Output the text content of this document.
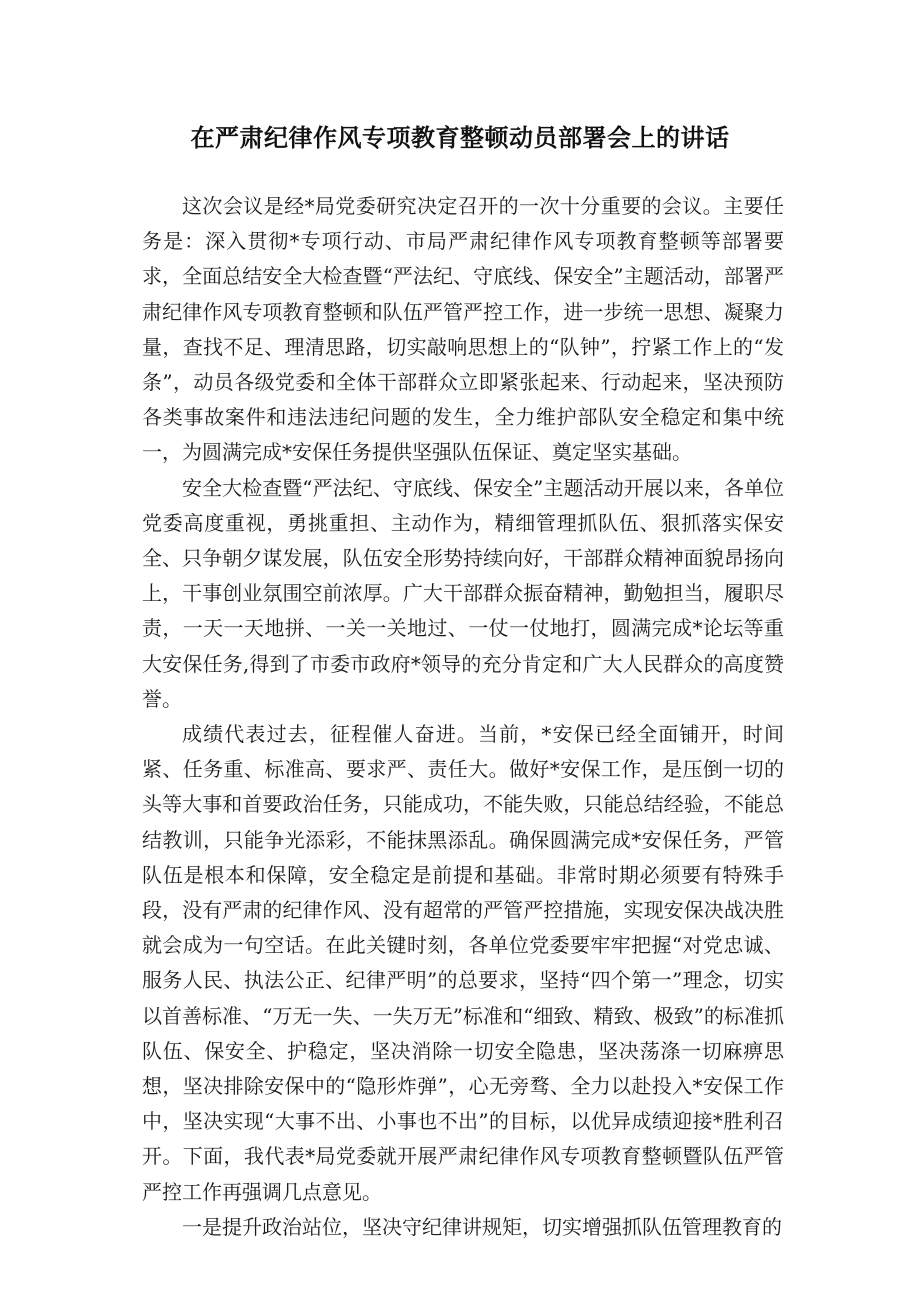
在严肃纪律作风专项教育整顿动员部署会上的讲话

这次会议是经*局党委研究决定召开的一次十分重要的会议。主要任务是：深入贯彻*专项行动、市局严肃纪律作风专项教育整顿等部署要求，全面总结安全大检查暨“严法纪、守底线、保安全”主题活动，部署严肃纪律作风专项教育整顿和队伍严管严控工作，进一步统一思想、凝聚力量，查找不足、理清思路，切实敲响思想上的“队钟”，拧紧工作上的“发条”，动员各级党委和全体干部群众立即紧张起来、行动起来，坚决预防各类事故案件和违法违纪问题的发生，全力维护部队安全稳定和集中统一，为圆满完成*安保任务提供坚强队伍保证、奠定坚实基础。

安全大检查暨“严法纪、守底线、保安全”主题活动开展以来，各单位党委高度重视，勇挑重担、主动作为，精细管理抓队伍、狠抓落实保安全、只争朝夕谋发展，队伍安全形势持续向好，干部群众精神面貌昂扬向上，干事创业氛围空前浓厚。广大干部群众振奋精神，勤勉担当，履职尽责，一天一天地拼、一关一关地过、一仗一仗地打，圆满完成*论坛等重大安保任务,得到了市委市政府*领导的充分肯定和广大人民群众的高度赞誉。

成绩代表过去，征程催人奋进。当前，*安保已经全面铺开，时间紧、任务重、标准高、要求严、责任大。做好*安保工作，是压倒一切的头等大事和首要政治任务，只能成功，不能失败，只能总结经验，不能总结教训，只能争光添彩，不能抹黑添乱。确保圆满完成*安保任务，严管队伍是根本和保障，安全稳定是前提和基础。非常时期必须要有特殊手段，没有严肃的纪律作风、没有超常的严管严控措施，实现安保决战决胜就会成为一句空话。在此关键时刻，各单位党委要牢牢把握“对党忠诚、服务人民、执法公正、纪律严明”的总要求，坚持“四个第一”理念，切实以首善标准、“万无一失、一失万无”标准和“细致、精致、极致”的标准抓队伍、保安全、护稳定，坚决消除一切安全隐患，坚决荡涤一切麻痹思想，坚决排除安保中的“隐形炸弹”，心无旁骛、全力以赴投入*安保工作中，坚决实现“大事不出、小事也不出”的目标，以优异成绩迎接*胜利召开。下面，我代表*局党委就开展严肃纪律作风专项教育整顿暨队伍严管严控工作再强调几点意见。

一是提升政治站位，坚决守纪律讲规矩，切实增强抓队伍管理教育的
